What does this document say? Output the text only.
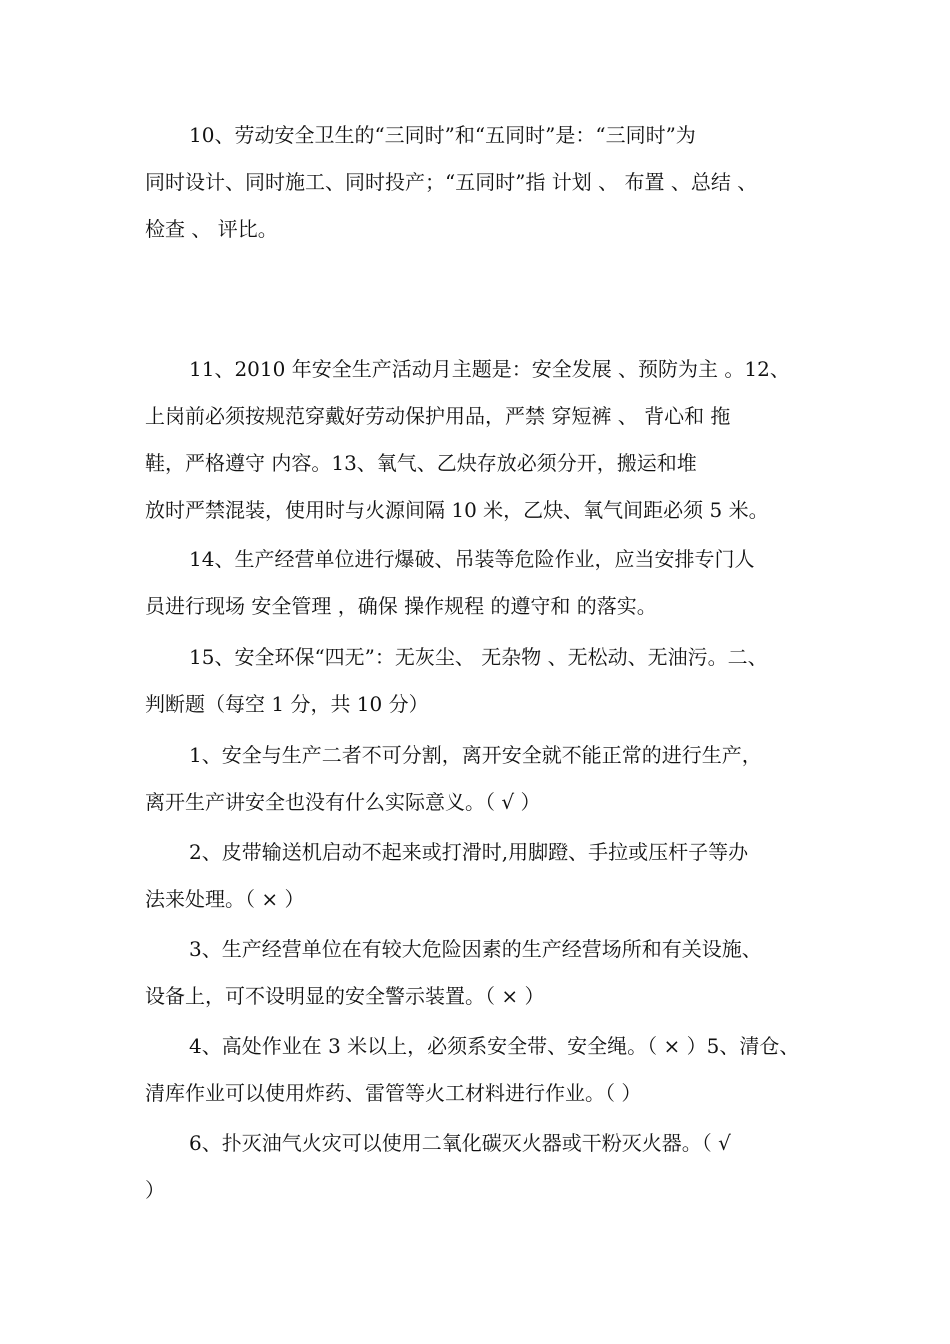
10、劳动安全卫生的“三同时”和“五同时”是：“三同时”为
同时设计、同时施工、同时投产；“五同时”指 计划 、 布置 、总结 、
检查 、 评比。
11、2010 年安全生产活动月主题是：安全发展 、预防为主 。12、
上岗前必须按规范穿戴好劳动保护用品，严禁 穿短裤 、 背心和 拖
鞋，严格遵守 内容。13、氧气、乙炔存放必须分开，搬运和堆
放时严禁混装，使用时与火源间隔 10 米，乙炔、氧气间距必须 5 米。
14、生产经营单位进行爆破、吊装等危险作业，应当安排专门人
员进行现场 安全管理 ，确保 操作规程 的遵守和 的落实。
15、安全环保“四无”：无灰尘、 无杂物 、无松动、无油污。二、
判断题（每空 1 分，共 10 分）
1、安全与生产二者不可分割，离开安全就不能正常的进行生产，
离开生产讲安全也没有什么实际意义。（ √ ）
2、皮带输送机启动不起来或打滑时,用脚蹬、手拉或压杆子等办
法来处理。（ × ）
3、生产经营单位在有较大危险因素的生产经营场所和有关设施、
设备上，可不设明显的安全警示装置。（ × ）
4、高处作业在 3 米以上，必须系安全带、安全绳。（ × ）5、清仓、
清库作业可以使用炸药、雷管等火工材料进行作业。（ ）
6、扑灭油气火灾可以使用二氧化碳灭火器或干粉灭火器。（ √
）
